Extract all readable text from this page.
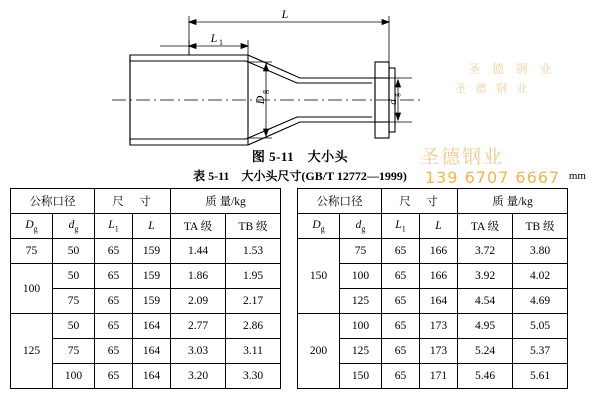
L
L 1
D
g
d
g
圣 德 钢 业
圣 德 钢 业
图 5-11　大小头
表 5-11　大小头尺寸(GB/T 12772—1999)	mm
圣德钢业
139 6707 6667
公称口径		尺　寸		质 量/kg	
$D_g$	$d_g$	$L_1$	L	TA 级	TB 级
75	50	65	159	1.44	1.53
100	50	65	159	1.86	1.95
	75	65	159	2.09	2.17
125	50	65	164	2.77	2.86
	75	65	164	3.03	3.11
	100	65	164	3.20	3.30
公称口径		尺　寸		质 量/kg	
$D_g$	$d_g$	$L_1$	L	TA 级	TB 级
150	75	65	166	3.72	3.80
	100	65	166	3.92	4.02
	125	65	164	4.54	4.69
200	100	65	173	4.95	5.05
	125	65	173	5.24	5.37
	150	65	171	5.46	5.61
